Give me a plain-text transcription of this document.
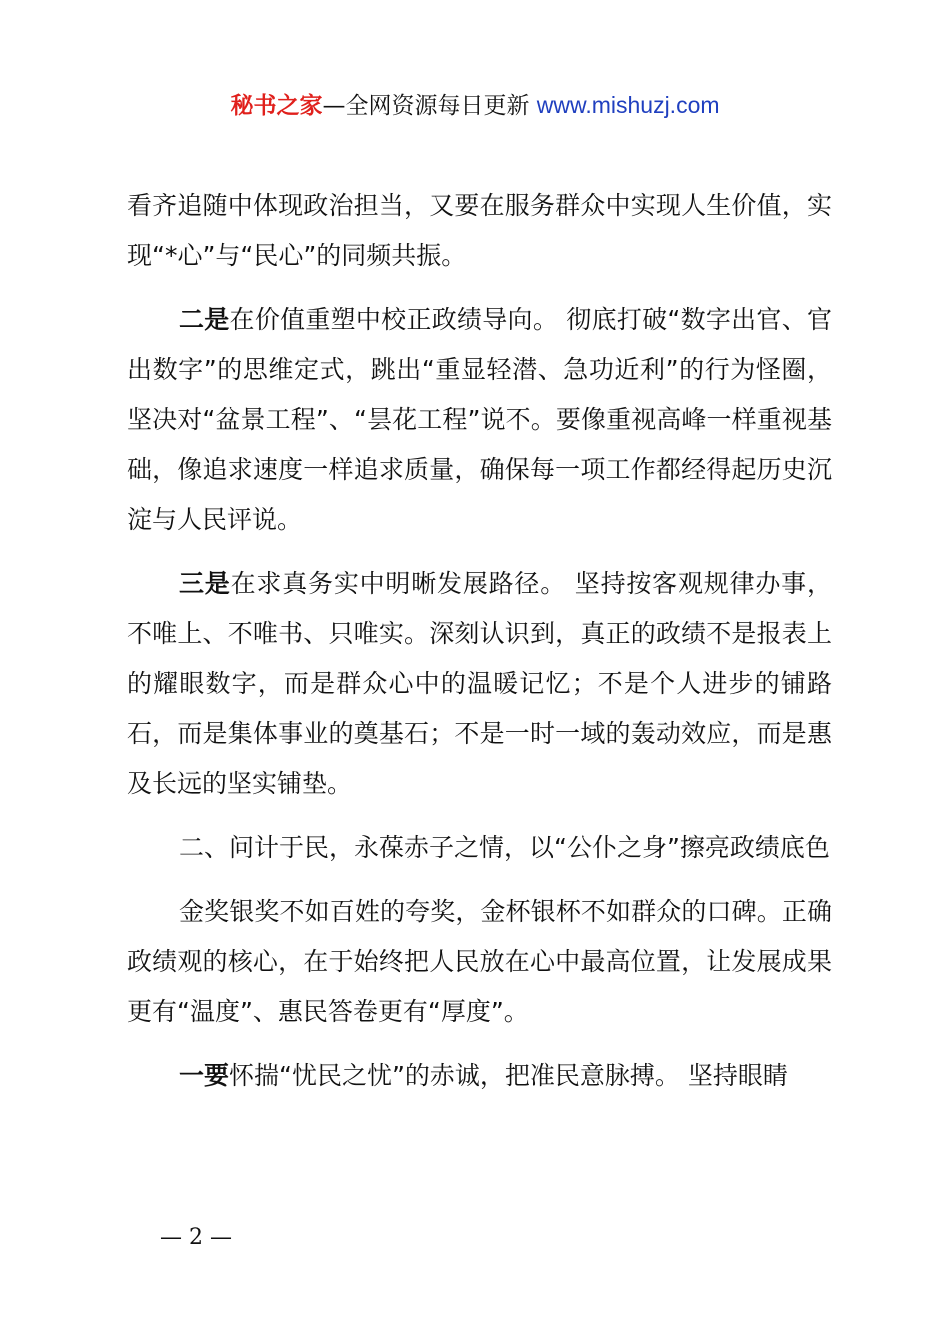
秘书之家—全网资源每日更新 www.mishuzj.com

看齐追随中体现政治担当，又要在服务群众中实现人生价值，实现“*心”与“民心”的同频共振。

二是在价值重塑中校正政绩导向。 彻底打破“数字出官、官出数字”的思维定式，跳出“重显轻潜、急功近利”的行为怪圈，坚决对“盆景工程”、“昙花工程”说不。要像重视高峰一样重视基础，像追求速度一样追求质量，确保每一项工作都经得起历史沉淀与人民评说。

三是在求真务实中明晰发展路径。 坚持按客观规律办事，不唯上、不唯书、只唯实。深刻认识到，真正的政绩不是报表上的耀眼数字，而是群众心中的温暖记忆；不是个人进步的铺路石，而是集体事业的奠基石；不是一时一域的轰动效应，而是惠及长远的坚实铺垫。

二、问计于民，永葆赤子之情，以“公仆之身”擦亮政绩底色

金奖银奖不如百姓的夸奖，金杯银杯不如群众的口碑。正确政绩观的核心，在于始终把人民放在心中最高位置，让发展成果更有“温度”、惠民答卷更有“厚度”。

一要怀揣“忧民之忧”的赤诚，把准民意脉搏。 坚持眼睛

— 2 —
